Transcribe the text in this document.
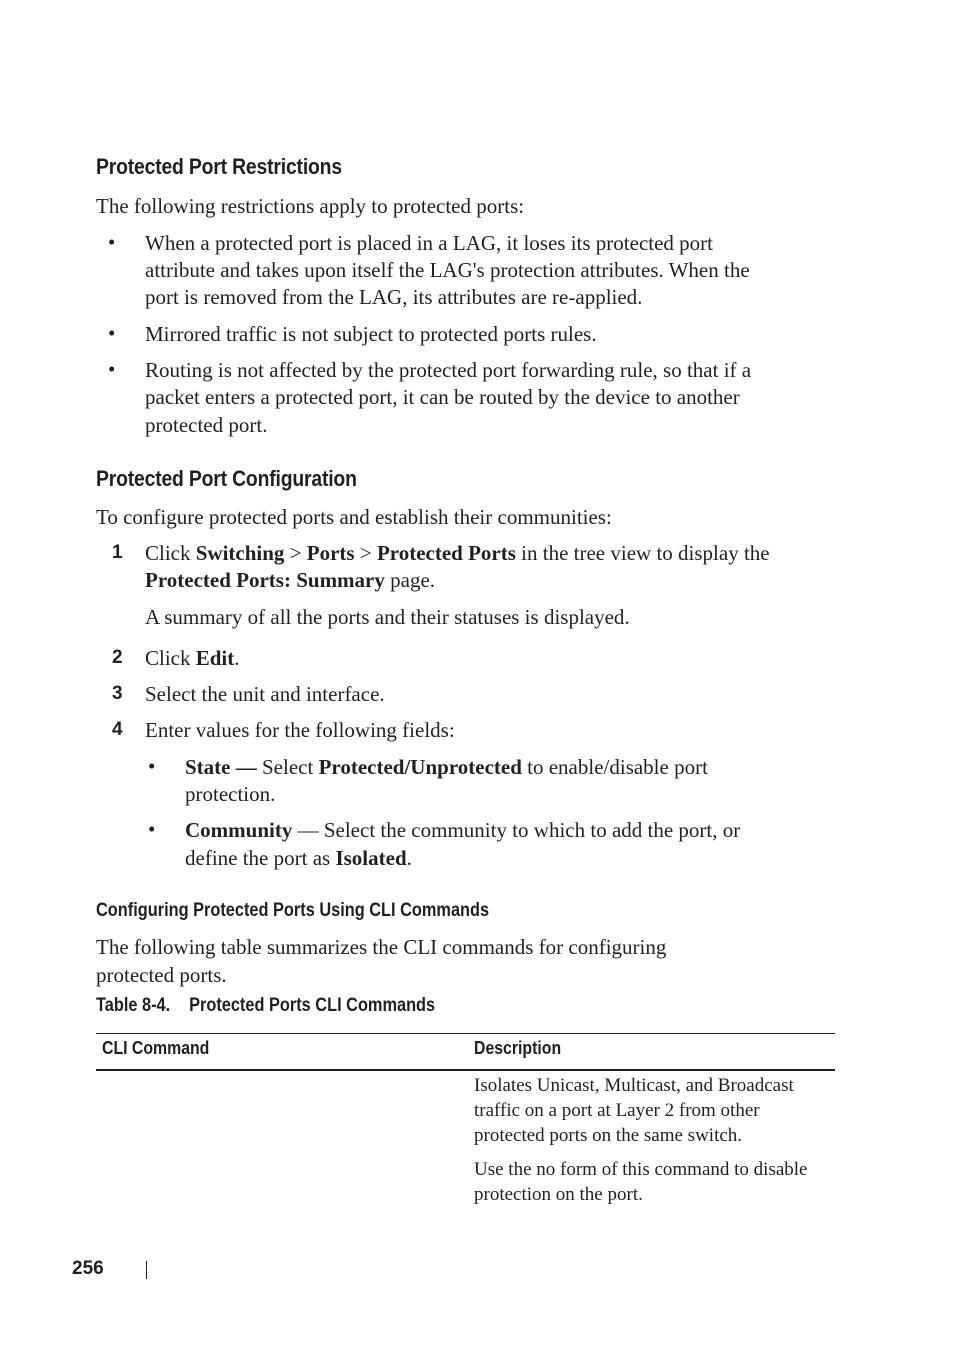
Protected Port Restrictions
The following restrictions apply to protected ports:
• When a protected port is placed in a LAG, it loses its protected port
attribute and takes upon itself the LAG's protection attributes. When the
port is removed from the LAG, its attributes are re-applied.
• Mirrored traffic is not subject to protected ports rules.
• Routing is not affected by the protected port forwarding rule, so that if a
packet enters a protected port, it can be routed by the device to another
protected port.
Protected Port Configuration
To configure protected ports and establish their communities:
1 Click Switching > Ports > Protected Ports in the tree view to display the
Protected Ports: Summary page.
A summary of all the ports and their statuses is displayed.
2 Click Edit.
3 Select the unit and interface.
4 Enter values for the following fields:
• State — Select Protected/Unprotected to enable/disable port
protection.
• Community — Select the community to which to add the port, or
define the port as Isolated.
Configuring Protected Ports Using CLI Commands
The following table summarizes the CLI commands for configuring
protected ports.
Table 8-4. Protected Ports CLI Commands
CLI Command	Description
Isolates Unicast, Multicast, and Broadcast traffic on a port at Layer 2 from other protected ports on the same switch.
Use the no form of this command to disable protection on the port.
256
